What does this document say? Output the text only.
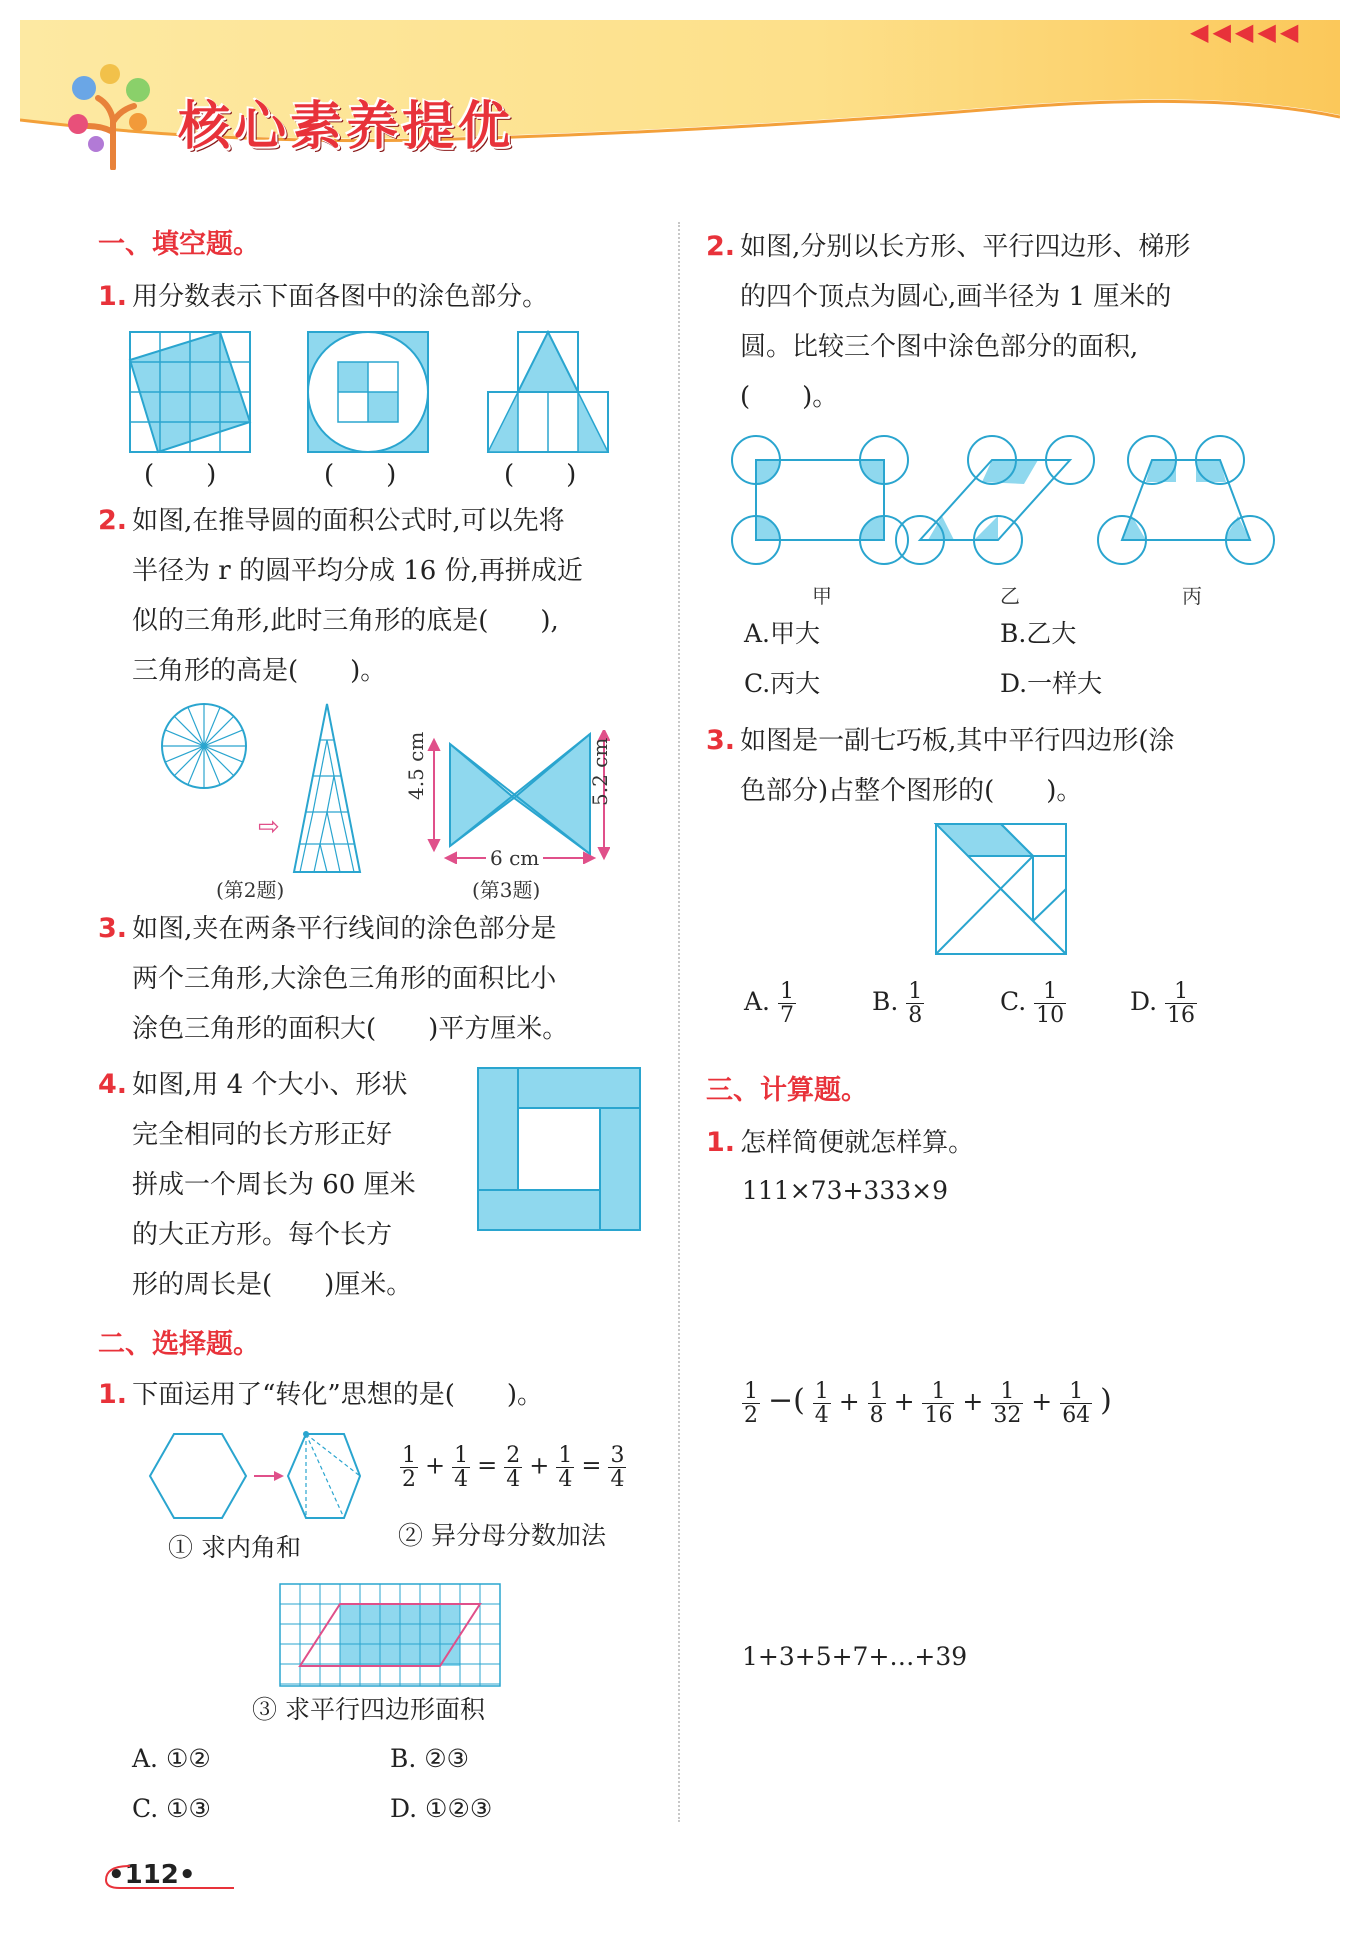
核心素养提优
◀◀◀◀◀
一、填空题。
1. 用分数表示下面各图中的涂色部分。
(　　)	(　　)	(　　)
2. 如图,在推导圆的面积公式时,可以先将
半径为 r 的圆平均分成 16 份,再拼成近
似的三角形,此时三角形的底是(　　),
三角形的高是(　　)。
⇨
4.5 cm	5.2 cm
6 cm
(第2题)	(第3题)
3. 如图,夹在两条平行线间的涂色部分是
两个三角形,大涂色三角形的面积比小
涂色三角形的面积大(　　)平方厘米。
4. 如图,用 4 个大小、形状
完全相同的长方形正好
拼成一个周长为 60 厘米
的大正方形。每个长方
形的周长是(　　)厘米。
二、选择题。
1. 下面运用了“转化”思想的是(　　)。
$\frac{1}{2} + \frac{1}{4} = \frac{2}{4} + \frac{1}{4} = \frac{3}{4}$
① 求内角和	② 异分母分数加法
③ 求平行四边形面积
A. ①②	B. ②③
C. ①③	D. ①②③
2. 如图,分别以长方形、平行四边形、梯形
的四个顶点为圆心,画半径为 1 厘米的
圆。比较三个图中涂色部分的面积,
(　　)。
甲	乙	丙
A.甲大	B.乙大
C.丙大	D.一样大
3. 如图是一副七巧板,其中平行四边形(涂
色部分)占整个图形的(　　)。
A. $\frac{1}{7}$	B. $\frac{1}{8}$	C. $\frac{1}{10}$	D. $\frac{1}{16}$
三、计算题。
1. 怎样简便就怎样算。
111×73+333×9
$\frac{1}{2}$ −( $\frac{1}{4} + \frac{1}{8} + \frac{1}{16} + \frac{1}{32} + \frac{1}{64}$ )
1+3+5+7+…+39
•112•
